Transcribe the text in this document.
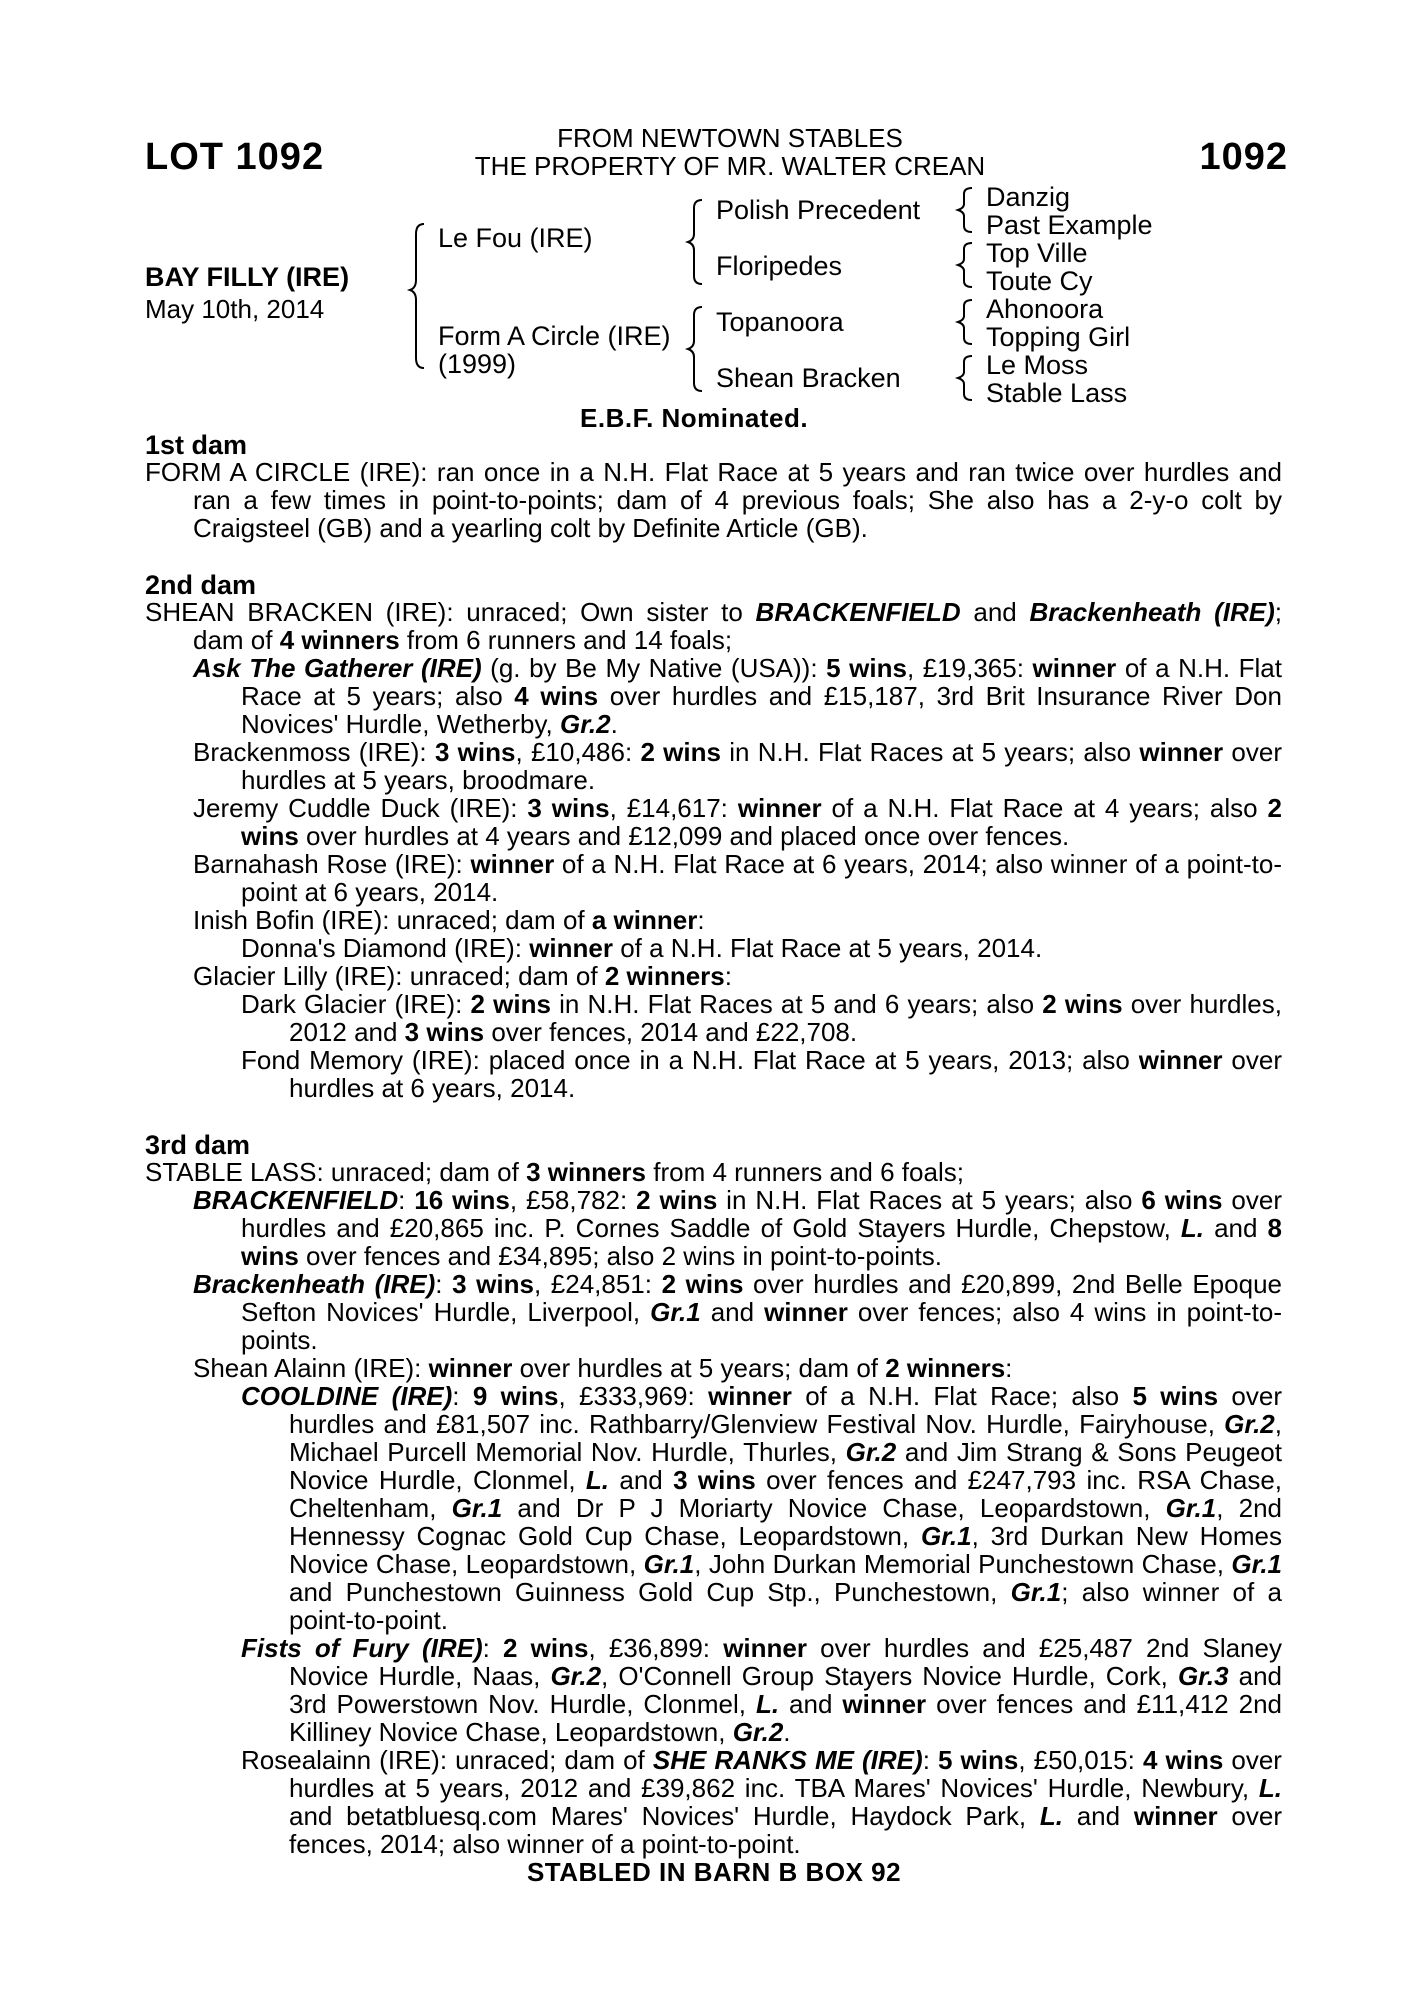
LOT 1092	1092
FROM NEWTOWN STABLES
THE PROPERTY OF MR. WALTER CREAN
BAY FILLY (IRE)
May 10th, 2014
Le Fou (IRE)
Form A Circle (IRE)
(1999)
Polish Precedent
Floripedes
Topanoora
Shean Bracken
Danzig
Past Example
Top Ville
Toute Cy
Ahonoora
Topping Girl
Le Moss
Stable Lass
E.B.F. Nominated.
1st dam
FORM A CIRCLE (IRE): ran once in a N.H. Flat Race at 5 years and ran twice over hurdles and ran a few times in point-to-points; dam of 4 previous foals; She also has a 2-y-o colt by Craigsteel (GB) and a yearling colt by Definite Article (GB).
2nd dam
SHEAN BRACKEN (IRE): unraced; Own sister to BRACKENFIELD and Brackenheath (IRE); dam of 4 winners from 6 runners and 14 foals;
Ask The Gatherer (IRE) (g. by Be My Native (USA)): 5 wins, £19,365: winner of a N.H. Flat Race at 5 years; also 4 wins over hurdles and £15,187, 3rd Brit Insurance River Don Novices' Hurdle, Wetherby, Gr.2.
Brackenmoss (IRE): 3 wins, £10,486: 2 wins in N.H. Flat Races at 5 years; also winner over hurdles at 5 years, broodmare.
Jeremy Cuddle Duck (IRE): 3 wins, £14,617: winner of a N.H. Flat Race at 4 years; also 2 wins over hurdles at 4 years and £12,099 and placed once over fences.
Barnahash Rose (IRE): winner of a N.H. Flat Race at 6 years, 2014; also winner of a point-to-point at 6 years, 2014.
Inish Bofin (IRE): unraced; dam of a winner:
Donna's Diamond (IRE): winner of a N.H. Flat Race at 5 years, 2014.
Glacier Lilly (IRE): unraced; dam of 2 winners:
Dark Glacier (IRE): 2 wins in N.H. Flat Races at 5 and 6 years; also 2 wins over hurdles, 2012 and 3 wins over fences, 2014 and £22,708.
Fond Memory (IRE): placed once in a N.H. Flat Race at 5 years, 2013; also winner over hurdles at 6 years, 2014.
3rd dam
STABLE LASS: unraced; dam of 3 winners from 4 runners and 6 foals;
BRACKENFIELD: 16 wins, £58,782: 2 wins in N.H. Flat Races at 5 years; also 6 wins over hurdles and £20,865 inc. P. Cornes Saddle of Gold Stayers Hurdle, Chepstow, L. and 8 wins over fences and £34,895; also 2 wins in point-to-points.
Brackenheath (IRE): 3 wins, £24,851: 2 wins over hurdles and £20,899, 2nd Belle Epoque Sefton Novices' Hurdle, Liverpool, Gr.1 and winner over fences; also 4 wins in point-to-points.
Shean Alainn (IRE): winner over hurdles at 5 years; dam of 2 winners:
COOLDINE (IRE): 9 wins, £333,969: winner of a N.H. Flat Race; also 5 wins over hurdles and £81,507 inc. Rathbarry/Glenview Festival Nov. Hurdle, Fairyhouse, Gr.2, Michael Purcell Memorial Nov. Hurdle, Thurles, Gr.2 and Jim Strang & Sons Peugeot Novice Hurdle, Clonmel, L. and 3 wins over fences and £247,793 inc. RSA Chase, Cheltenham, Gr.1 and Dr P J Moriarty Novice Chase, Leopardstown, Gr.1, 2nd Hennessy Cognac Gold Cup Chase, Leopardstown, Gr.1, 3rd Durkan New Homes Novice Chase, Leopardstown, Gr.1, John Durkan Memorial Punchestown Chase, Gr.1 and Punchestown Guinness Gold Cup Stp., Punchestown, Gr.1; also winner of a point-to-point.
Fists of Fury (IRE): 2 wins, £36,899: winner over hurdles and £25,487 2nd Slaney Novice Hurdle, Naas, Gr.2, O'Connell Group Stayers Novice Hurdle, Cork, Gr.3 and 3rd Powerstown Nov. Hurdle, Clonmel, L. and winner over fences and £11,412 2nd Killiney Novice Chase, Leopardstown, Gr.2.
Rosealainn (IRE): unraced; dam of SHE RANKS ME (IRE): 5 wins, £50,015: 4 wins over hurdles at 5 years, 2012 and £39,862 inc. TBA Mares' Novices' Hurdle, Newbury, L. and betatbluesq.com Mares' Novices' Hurdle, Haydock Park, L. and winner over fences, 2014; also winner of a point-to-point.
STABLED IN BARN B BOX 92
